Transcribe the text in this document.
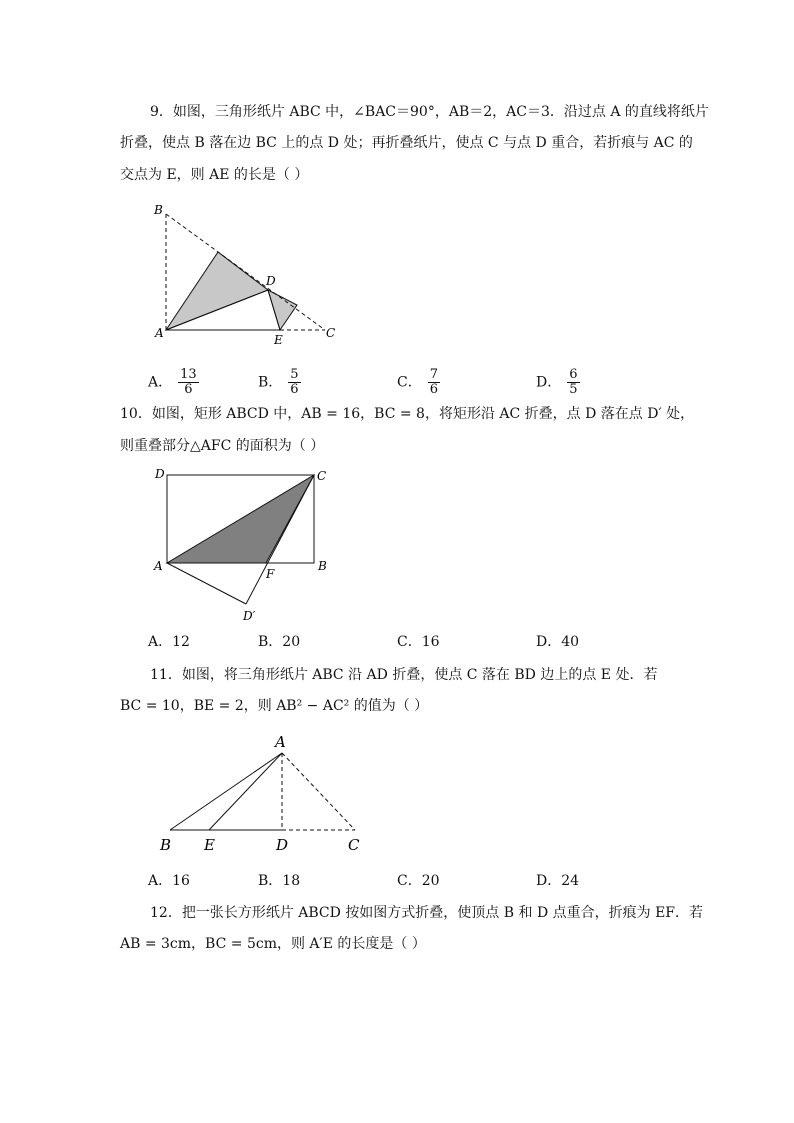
9．如图，三角形纸片 ABC 中，∠BAC＝90°，AB＝2，AC＝3．沿过点 A 的直线将纸片
折叠，使点 B 落在边 BC 上的点 D 处；再折叠纸片，使点 C 与点 D 重合，若折痕与 AC 的
交点为 E，则 AE 的长是（ ）
B
D
A	E	C
A． $\frac{13}{6}$	B． $\frac{5}{6}$	C． $\frac{7}{6}$	D． $\frac{6}{5}$
10．如图，矩形 ABCD 中，AB = 16，BC = 8，将矩形沿 AC 折叠，点 D 落在点 D′ 处，
则重叠部分△AFC 的面积为（ ）
D	C
A
F
B
D′
A．12	B．20	C．16	D．40
11．如图，将三角形纸片 ABC 沿 AD 折叠，使点 C 落在 BD 边上的点 E 处．若
BC = 10，BE = 2，则 AB² − AC² 的值为（ ）
A
B E	D	C
A．16	B．18	C．20	D．24
12．把一张长方形纸片 ABCD 按如图方式折叠，使顶点 B 和 D 点重合，折痕为 EF．若
AB = 3cm，BC = 5cm，则 A′E 的长度是（ ）
